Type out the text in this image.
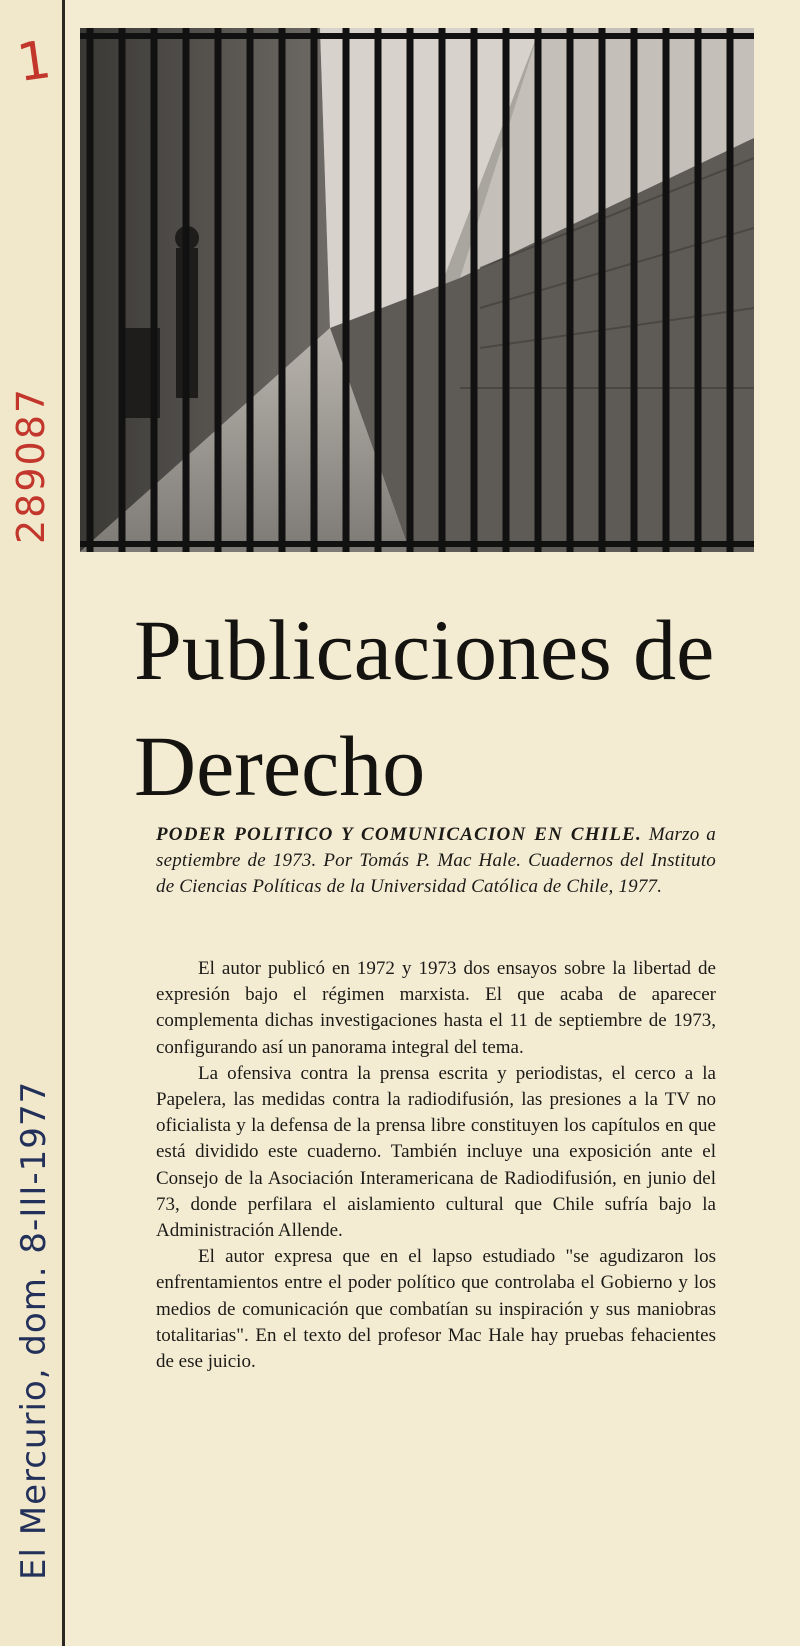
1
289087
El Mercurio, dom. 8-III-1977
Publicaciones de Derecho

PODER POLITICO Y COMUNICACION EN CHILE. Marzo a septiembre de 1973. Por Tomás P. Mac Hale. Cuadernos del Instituto de Ciencias Políticas de la Universidad Católica de Chile, 1977.

El autor publicó en 1972 y 1973 dos ensayos sobre la libertad de expresión bajo el régimen marxista. El que acaba de aparecer complementa dichas investigaciones hasta el 11 de septiembre de 1973, configurando así un panorama integral del tema.

La ofensiva contra la prensa escrita y periodistas, el cerco a la Papelera, las medidas contra la radiodifusión, las presiones a la TV no oficialista y la defensa de la prensa libre constituyen los capítulos en que está dividido este cuaderno. También incluye una exposición ante el Consejo de la Asociación Interamericana de Radiodifusión, en junio del 73, donde perfilara el aislamiento cultural que Chile sufría bajo la Administración Allende.

El autor expresa que en el lapso estudiado "se agudizaron los enfrentamientos entre el poder político que controlaba el Gobierno y los medios de comunicación que combatían su inspiración y sus maniobras totalitarias". En el texto del profesor Mac Hale hay pruebas fehacientes de ese juicio.
